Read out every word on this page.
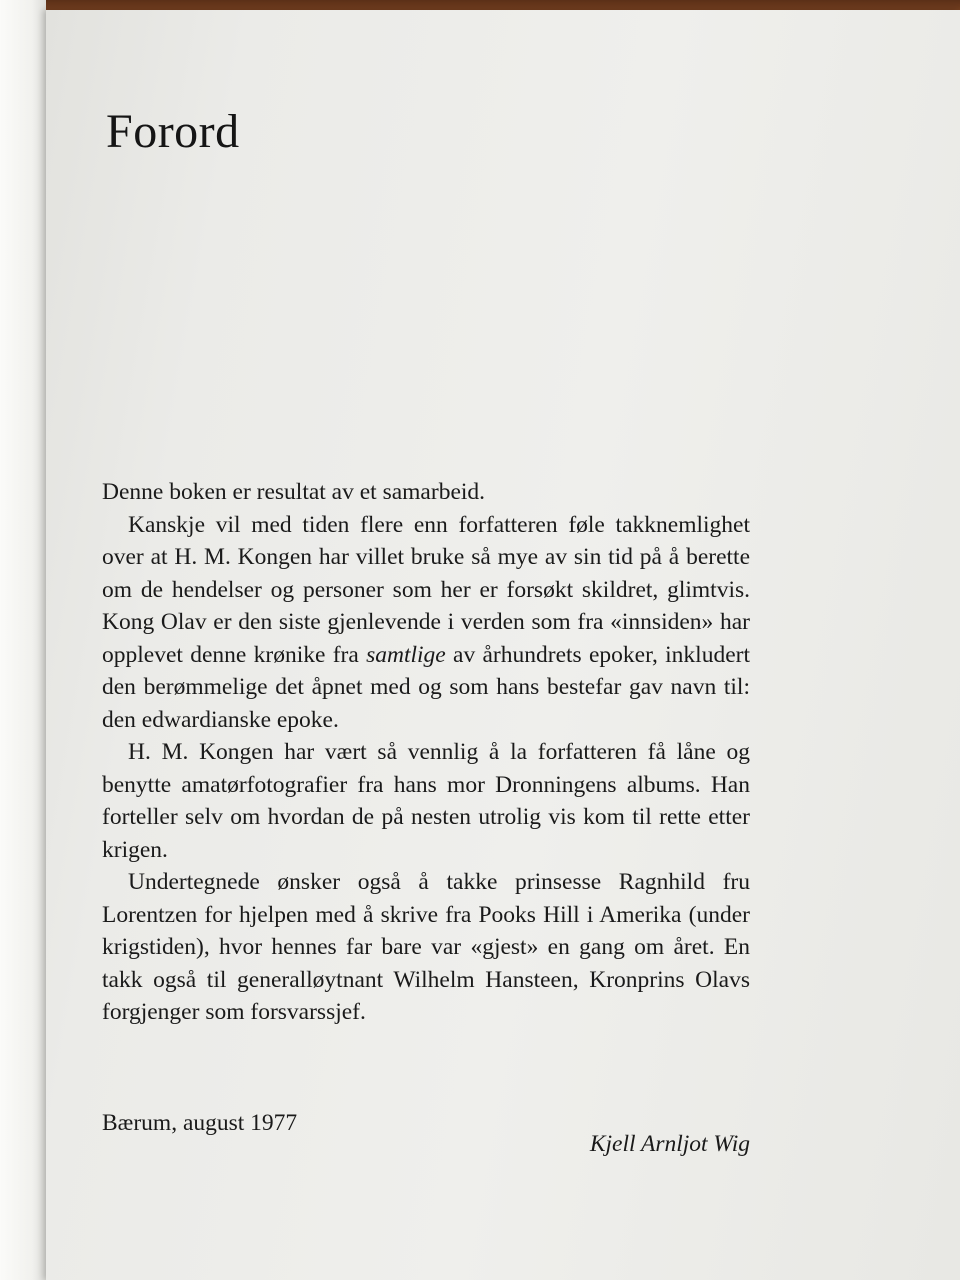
Forord

Denne boken er resultat av et samarbeid.

Kanskje vil med tiden flere enn forfatteren føle takknemlighet over at H. M. Kongen har villet bruke så mye av sin tid på å berette om de hendelser og personer som her er forsøkt skildret, glimtvis. Kong Olav er den siste gjenlevende i verden som fra «innsiden» har opplevet denne krønike fra samtlige av århundrets epoker, inkludert den berømmelige det åpnet med og som hans bestefar gav navn til: den edwardianske epoke.

H. M. Kongen har vært så vennlig å la forfatteren få låne og benytte amatørfotografier fra hans mor Dronningens albums. Han forteller selv om hvordan de på nesten utrolig vis kom til rette etter krigen.

Undertegnede ønsker også å takke prinsesse Ragnhild fru Lorentzen for hjelpen med å skrive fra Pooks Hill i Amerika (under krigstiden), hvor hennes far bare var «gjest» en gang om året. En takk også til generalløytnant Wilhelm Hansteen, Kronprins Olavs forgjenger som forsvarssjef.

Bærum, august 1977
Kjell Arnljot Wig
